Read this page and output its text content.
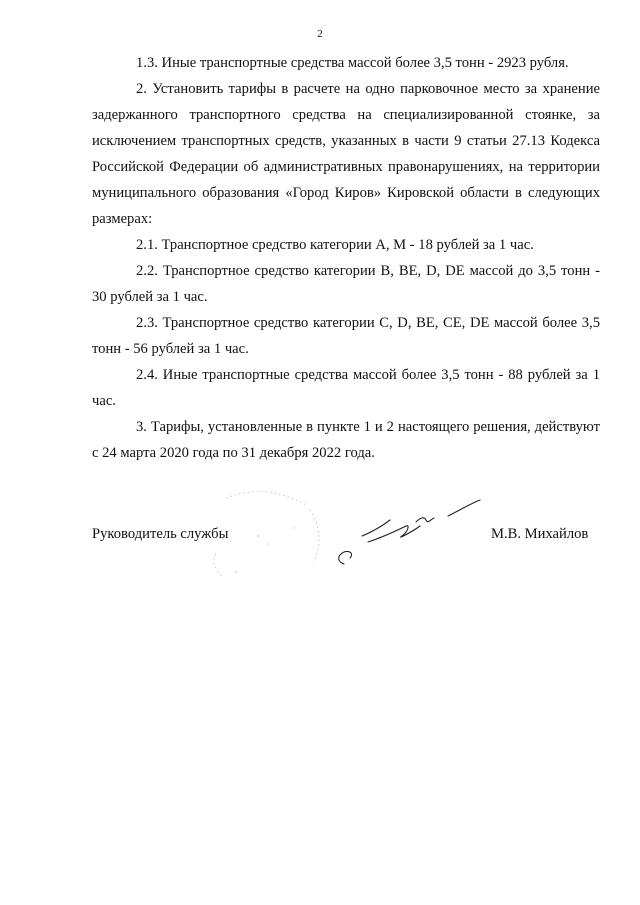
2

1.3. Иные транспортные средства массой более 3,5 тонн - 2923 рубля.

2. Установить тарифы в расчете на одно парковочное место за хранение задержанного транспортного средства на специализированной стоянке, за исключением транспортных средств, указанных в части 9 статьи 27.13 Кодекса Российской Федерации об административных правонарушениях, на территории муниципального образования «Город Киров» Кировской области в следующих размерах:

2.1. Транспортное средство категории А, М - 18 рублей за 1 час.

2.2. Транспортное средство категории В, ВЕ, D, DE массой до 3,5 тонн - 30 рублей за 1 час.

2.3. Транспортное средство категории С, D, ВЕ, СЕ, DE массой более 3,5 тонн - 56 рублей за 1 час.

2.4. Иные транспортные средства массой более 3,5 тонн - 88 рублей за 1 час.

3. Тарифы, установленные в пункте 1 и 2 настоящего решения, действуют с 24 марта 2020 года по 31 декабря 2022 года.

Руководитель службы	М.В. Михайлов
